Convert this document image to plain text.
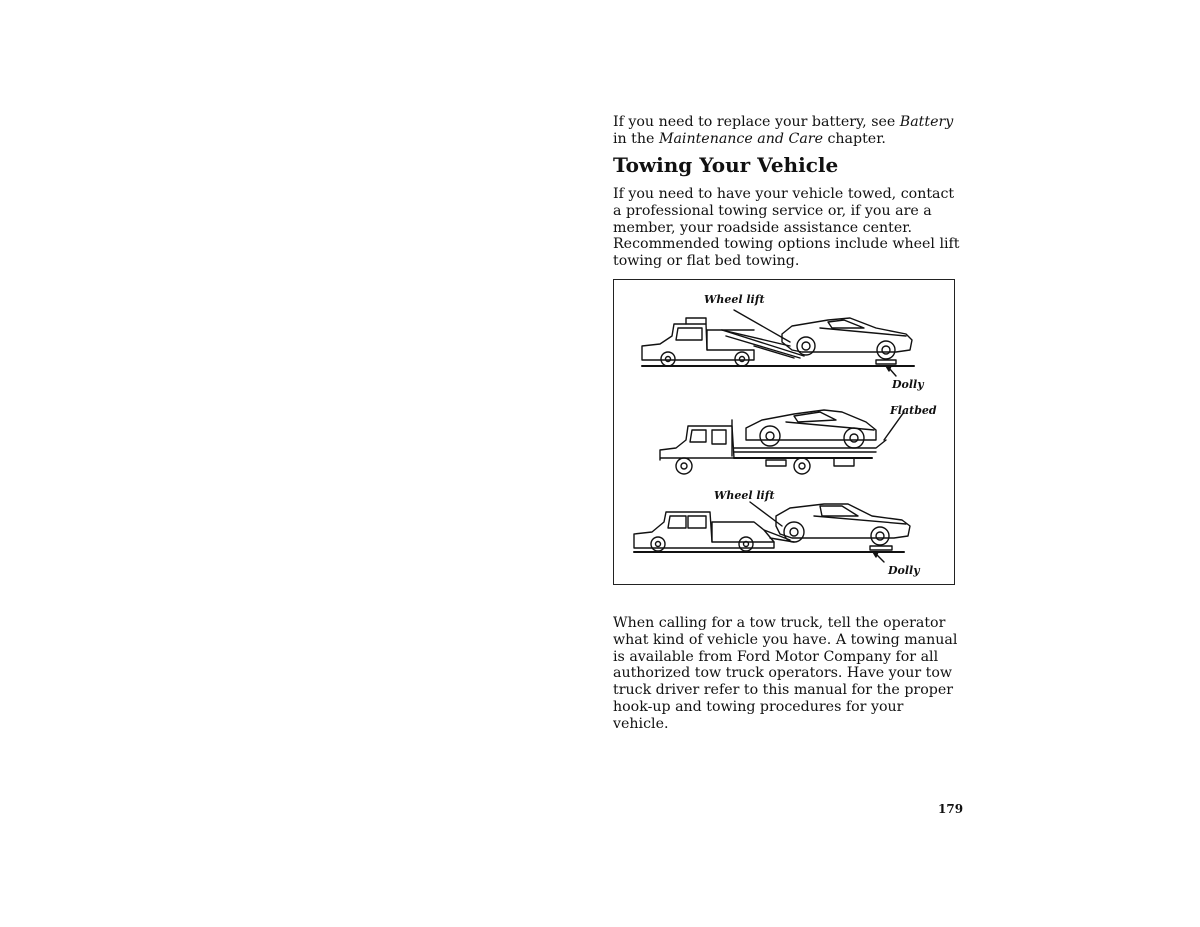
If you need to replace your battery, see Battery in the Maintenance and Care chapter.

Towing Your Vehicle

If you need to have your vehicle towed, contact a professional towing service or, if you are a member, your roadside assistance center. Recommended towing options include wheel lift towing or flat bed towing.

Wheel lift
Dolly
Flatbed
Wheel lift
Dolly

When calling for a tow truck, tell the operator what kind of vehicle you have. A towing manual is available from Ford Motor Company for all authorized tow truck operators. Have your tow truck driver refer to this manual for the proper hook-up and towing procedures for your vehicle.

179
